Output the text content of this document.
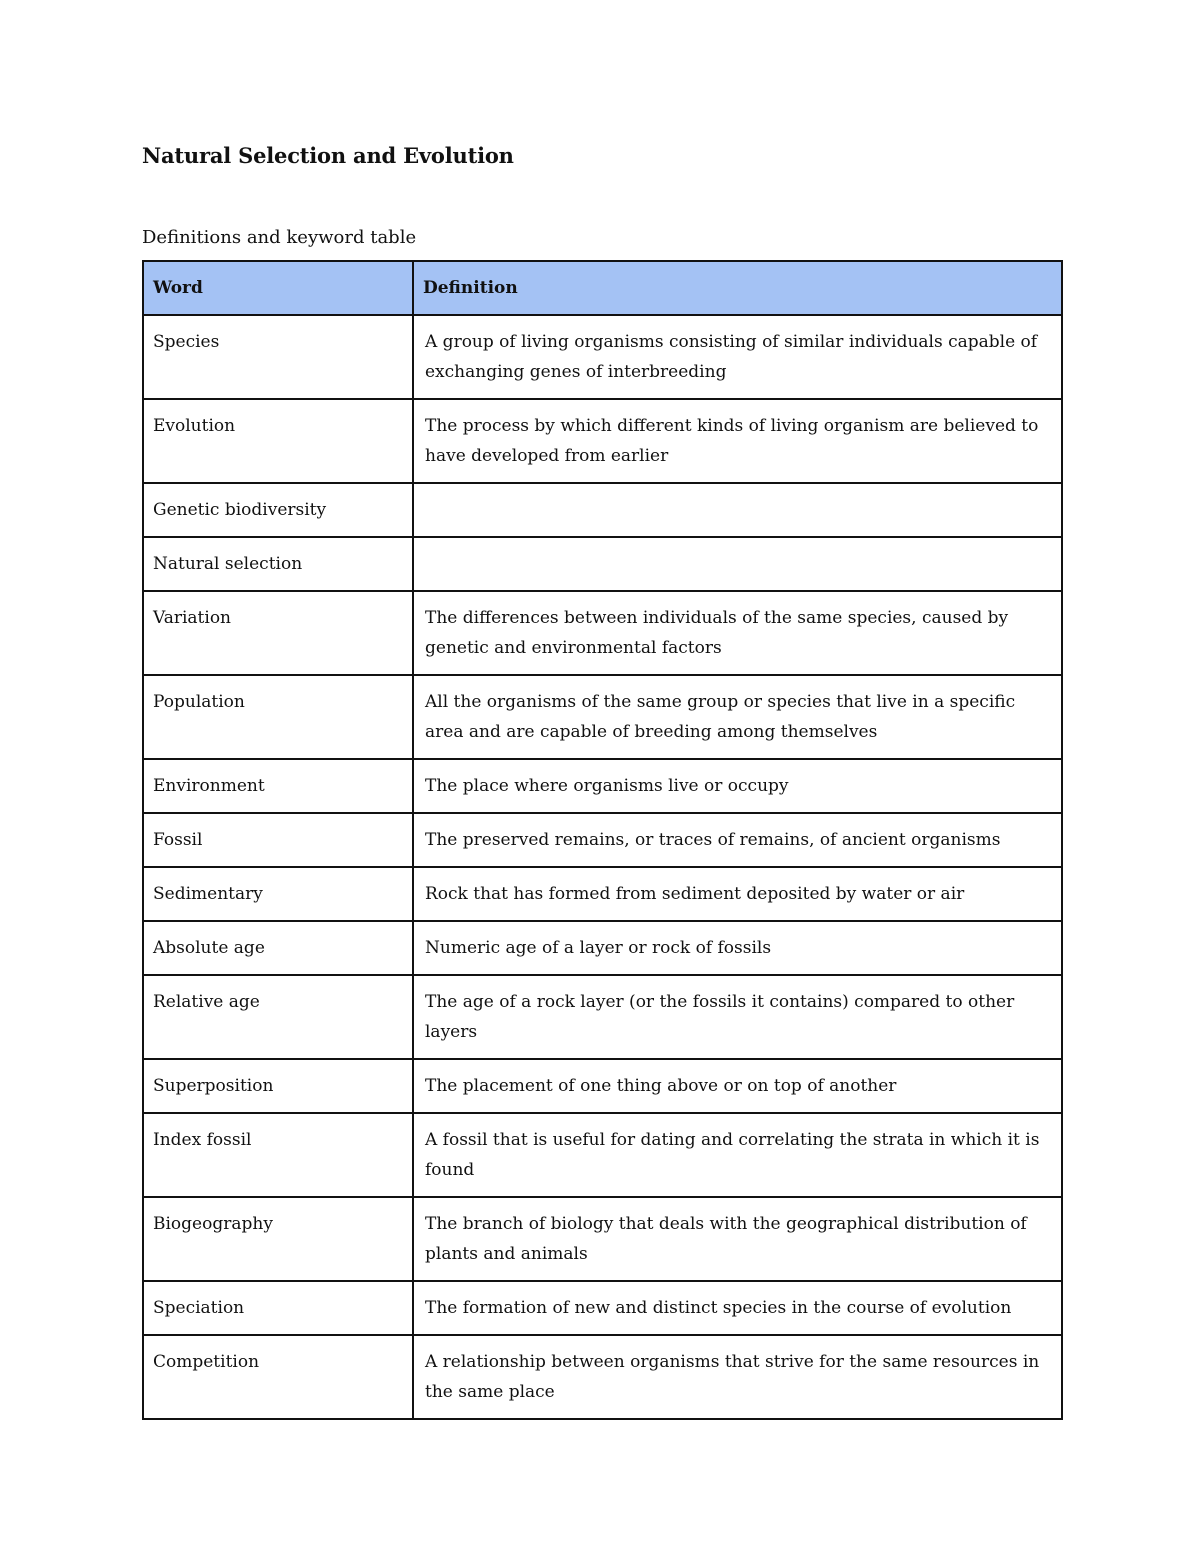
Natural Selection and Evolution
Definitions and keyword table
Word	Definition
Species	A group of living organisms consisting of similar individuals capable of exchanging genes of interbreeding
Evolution	The process by which different kinds of living organism are believed to have developed from earlier
Genetic biodiversity	
Natural selection	
Variation	The differences between individuals of the same species, caused by genetic and environmental factors
Population	All the organisms of the same group or species that live in a specific area and are capable of breeding among themselves
Environment	The place where organisms live or occupy
Fossil	The preserved remains, or traces of remains, of ancient organisms
Sedimentary	Rock that has formed from sediment deposited by water or air
Absolute age	Numeric age of a layer or rock of fossils
Relative age	The age of a rock layer (or the fossils it contains) compared to other layers
Superposition	The placement of one thing above or on top of another
Index fossil	A fossil that is useful for dating and correlating the strata in which it is found
Biogeography	The branch of biology that deals with the geographical distribution of plants and animals
Speciation	The formation of new and distinct species in the course of evolution
Competition	A relationship between organisms that strive for the same resources in the same place
